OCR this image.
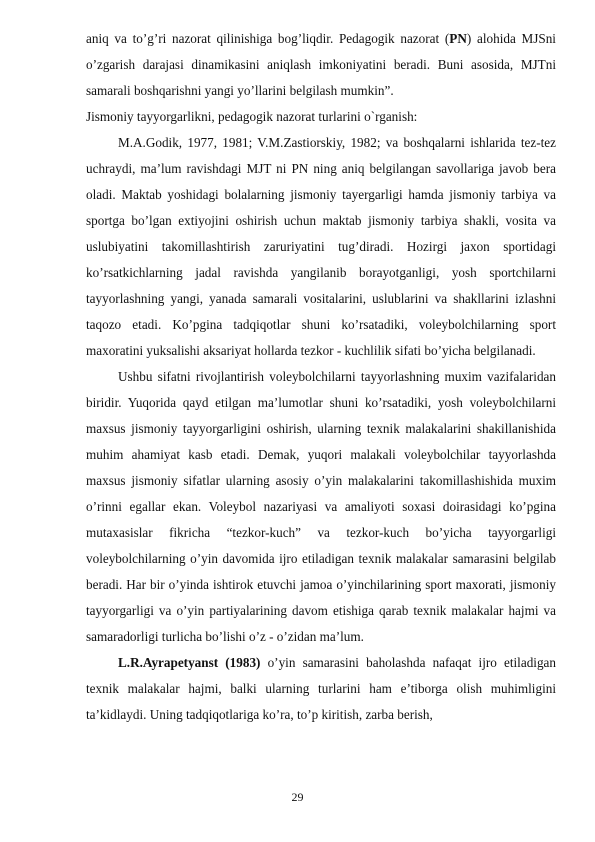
aniq va to’g’ri nazorat qilinishiga bog’liqdir. Pedagogik nazorat (PN) alohida MJSni o’zgarish darajasi dinamikasini aniqlash imkoniyatini beradi. Buni asosida, MJTni samarali boshqarishni yangi yo’llarini belgilash mumkin”.

Jismoniy tayyorgarlikni, pedagogik nazorat turlarini o`rganish:

M.A.Godik, 1977, 1981; V.M.Zastiorskiy, 1982; va boshqalarni ishlarida tez-tez uchraydi, ma’lum ravishdagi MJT ni PN ning aniq belgilangan savollariga javob bera oladi. Maktab yoshidagi bolalarning jismoniy tayergarligi hamda jismoniy tarbiya va sportga bo’lgan extiyojini oshirish uchun maktab jismoniy tarbiya shakli, vosita va uslubiyatini takomillashtirish zaruriyatini tug’diradi. Hozirgi jaxon sportidagi ko’rsatkichlarning jadal ravishda yangilanib borayotganligi, yosh sportchilarni tayyorlashning yangi, yanada samarali vositalarini, uslublarini va shakllarini izlashni taqozo etadi. Ko’pgina tadqiqotlar shuni ko’rsatadiki, voleybolchilarning sport maxoratini yuksalishi aksariyat hollarda tezkor - kuchlilik sifati bo’yicha belgilanadi.

Ushbu sifatni rivojlantirish voleybolchilarni tayyorlashning muxim vazifalaridan biridir. Yuqorida qayd etilgan ma’lumotlar shuni ko’rsatadiki, yosh voleybolchilarni maxsus jismoniy tayyorgarligini oshirish, ularning texnik malakalarini shakillanishida muhim ahamiyat kasb etadi. Demak, yuqori malakali voleybolchilar tayyorlashda maxsus jismoniy sifatlar ularning asosiy o’yin malakalarini takomillashishida muxim o’rinni egallar ekan. Voleybol nazariyasi va amaliyoti soxasi doirasidagi ko’pgina mutaxasislar fikricha “tezkor-kuch” va tezkor-kuch bo’yicha tayyorgarligi voleybolchilarning o’yin davomida ijro etiladigan texnik malakalar samarasini belgilab beradi. Har bir o’yinda ishtirok etuvchi jamoa o’yinchilarining sport maxorati, jismoniy tayyorgarligi va o’yin partiyalarining davom etishiga qarab texnik malakalar hajmi va samaradorligi turlicha bo’lishi o’z - o’zidan ma’lum.

L.R.Ayrapetyanst (1983) o’yin samarasini baholashda nafaqat ijro etiladigan texnik malakalar hajmi, balki ularning turlarini ham e’tiborga olish muhimligini ta’kidlaydi. Uning tadqiqotlariga ko’ra, to’p kiritish, zarba berish,

29
